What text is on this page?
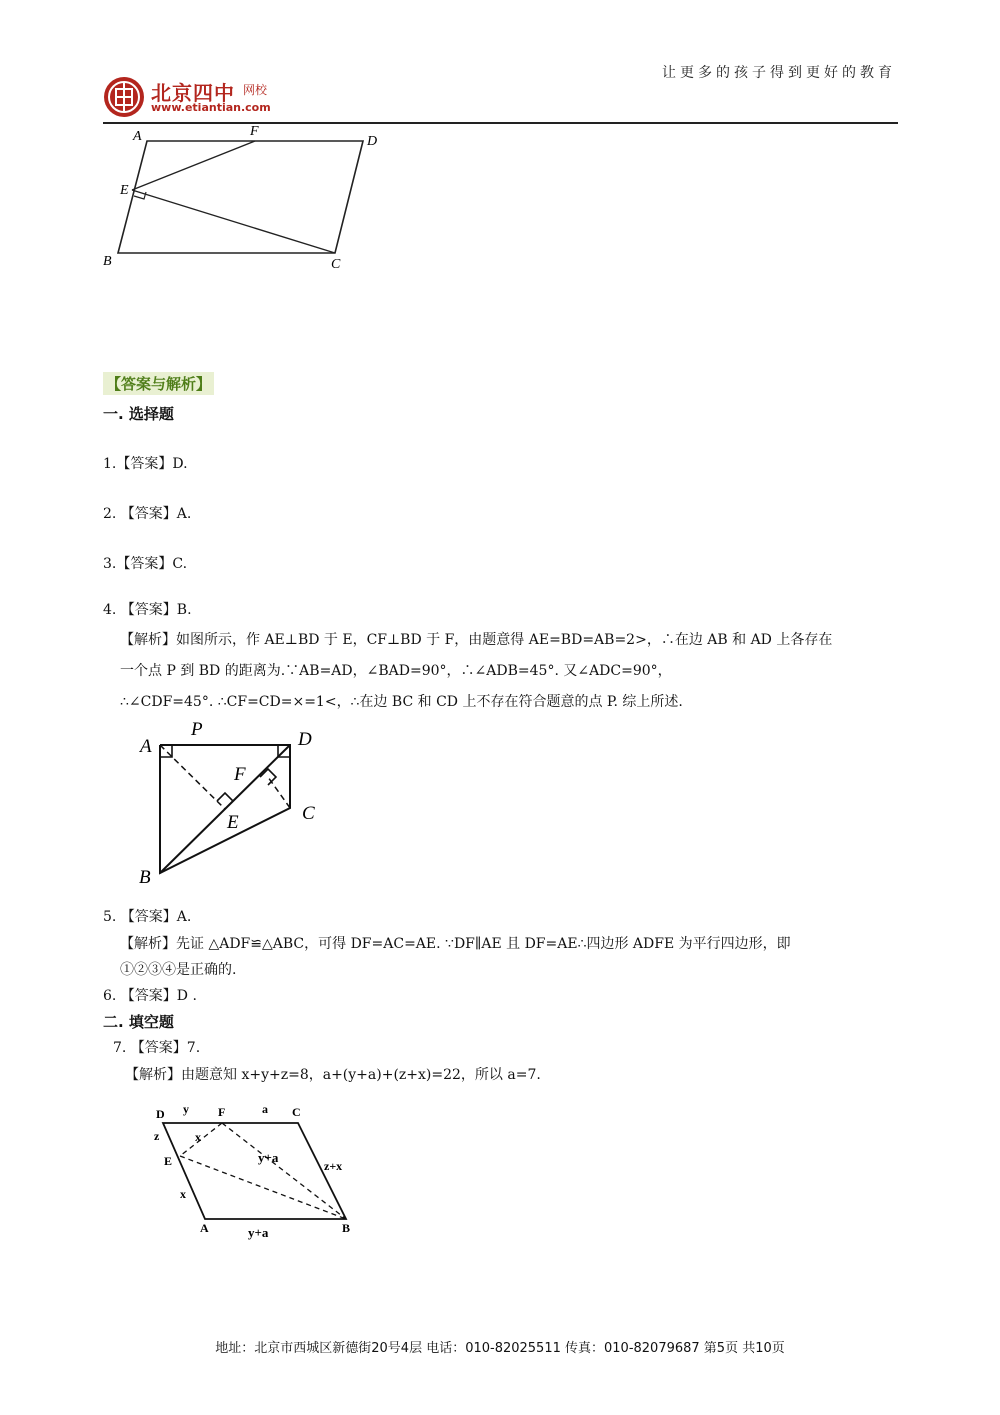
北京四中 网校
www.etiantian.com
让更多的孩子得到更好的教育
A	F
D
E
B	C
【答案与解析】
一. 选择题
1.【答案】D.
2. 【答案】A.
3.【答案】C.
4. 【答案】B.
【解析】如图所示，作 AE⊥BD 于 E，CF⊥BD 于 F，由题意得 AE=BD=AB=2>，∴在边 AB 和 AD 上各存在
一个点 P 到 BD 的距离为.∵AB=AD，∠BAD=90°，∴∠ADB=45°. 又∠ADC=90°，
∴∠CDF=45°. ∴CF=CD=×=1<，∴在边 BC 和 CD 上不存在符合题意的点 P. 综上所述.
P
A	D
F
C
E
B
5. 【答案】A.
【解析】先证 △ADF≌△ABC，可得 DF=AC=AE. ∵DF∥AE 且 DF=AE∴四边形 ADFE 为平行四边形，即
①②③④是正确的.
6. 【答案】D .
二. 填空题
7. 【答案】7.
【解析】由题意知 x+y+z=8，a+(y+a)+(z+x)=22，所以 a=7.
D y F	a C
z	x
y+a
E	z+x
x
A	y+a	B
地址：北京市西城区新德街20号4层 电话：010-82025511 传真：010-82079687 第5页 共10页
